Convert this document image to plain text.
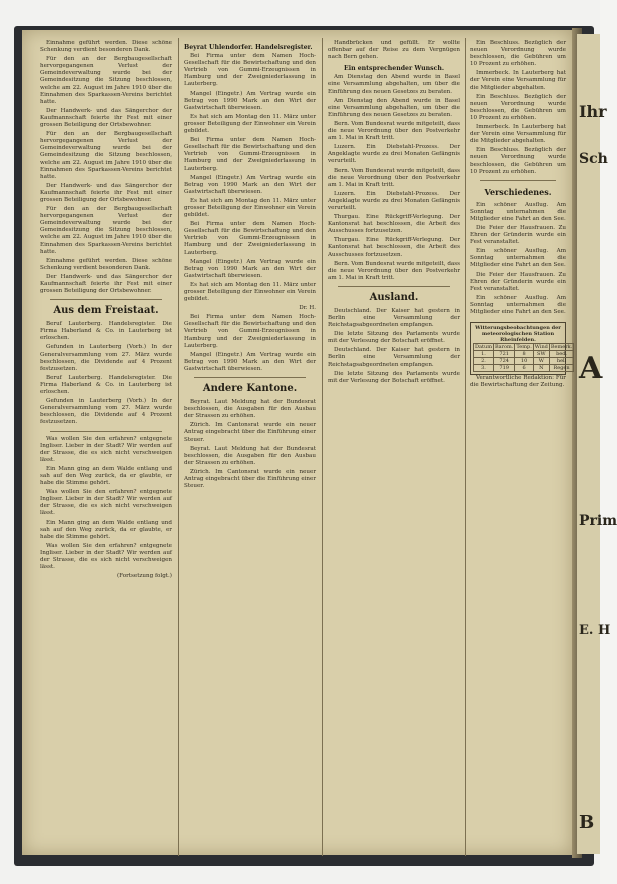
Ihr
Sch
A
Prim
E. H
B

Einnahme geführt werden. Diese schöne Schenkung verdient besonderen Dank.

Für den an der Bergbaugesellschaft hervorgegangenen Verlust der Gemeindeverwaltung wurde bei der Gemeindesitzung die Sitzung beschlossen, welche am 22. August im Jahre 1910 über die Einnahmen des Sparkassen-Vereins berichtet hatte.

Der Handwerk- und das Sängerchor der Kaufmannschaft feierte ihr Fest mit einer grossen Beteiligung der Ortsbewohner.

Für den an der Bergbaugesellschaft hervorgegangenen Verlust der Gemeindeverwaltung wurde bei der Gemeindesitzung die Sitzung beschlossen, welche am 22. August im Jahre 1910 über die Einnahmen des Sparkassen-Vereins berichtet hatte.

Der Handwerk- und das Sängerchor der Kaufmannschaft feierte ihr Fest mit einer grossen Beteiligung der Ortsbewohner.

Für den an der Bergbaugesellschaft hervorgegangenen Verlust der Gemeindeverwaltung wurde bei der Gemeindesitzung die Sitzung beschlossen, welche am 22. August im Jahre 1910 über die Einnahmen des Sparkassen-Vereins berichtet hatte.

Einnahme geführt werden. Diese schöne Schenkung verdient besonderen Dank.

Der Handwerk- und das Sängerchor der Kaufmannschaft feierte ihr Fest mit einer grossen Beteiligung der Ortsbewohner.

Aus dem Freistaat.

Beruf Lauterberg. Handelsregister. Die Firma Haberland & Co. in Lauterberg ist erloschen.

Gefunden in Lauterberg (Vorb.) In der Generalversammlung vom 27. März wurde beschlossen, die Dividende auf 4 Prozent festzusetzen.

Beruf Lauterberg. Handelsregister. Die Firma Haberland & Co. in Lauterberg ist erloschen.

Gefunden in Lauterberg (Vorb.) In der Generalversammlung vom 27. März wurde beschlossen, die Dividende auf 4 Prozent festzusetzen.

Was wollen Sie den erfahren? entgegnete Ingliser. Lieber in der Stadt? Wir werden auf der Strasse, die es sich nicht verschweigen lässt.

Ein Mann ging an dem Walde entlang und sah auf den Weg zurück, da er glaubte, er habe die Stimme gehört.

Was wollen Sie den erfahren? entgegnete Ingliser. Lieber in der Stadt? Wir werden auf der Strasse, die es sich nicht verschweigen lässt.

Ein Mann ging an dem Walde entlang und sah auf den Weg zurück, da er glaubte, er habe die Stimme gehört.

Was wollen Sie den erfahren? entgegnete Ingliser. Lieber in der Stadt? Wir werden auf der Strasse, die es sich nicht verschweigen lässt.

(Fortsetzung folgt.)

Beyrat Uhlendorfer. Handelsregister.

Bei Firma unter dem Namen Hoch-Gesellschaft für die Bewirtschaftung und den Vertrieb von Gummi-Erzeugnissen in Hamburg und der Zweigniederlassung in Lauterberg.

Mangel (Eingetr.) Am Vertrag wurde ein Betrag von 1990 Mark an den Wirt der Gastwirtschaft überwiesen.

Es hat sich am Montag den 11. März unter grosser Beteiligung der Einwohner ein Verein gebildet.

Bei Firma unter dem Namen Hoch-Gesellschaft für die Bewirtschaftung und den Vertrieb von Gummi-Erzeugnissen in Hamburg und der Zweigniederlassung in Lauterberg.

Mangel (Eingetr.) Am Vertrag wurde ein Betrag von 1990 Mark an den Wirt der Gastwirtschaft überwiesen.

Es hat sich am Montag den 11. März unter grosser Beteiligung der Einwohner ein Verein gebildet.

Bei Firma unter dem Namen Hoch-Gesellschaft für die Bewirtschaftung und den Vertrieb von Gummi-Erzeugnissen in Hamburg und der Zweigniederlassung in Lauterberg.

Mangel (Eingetr.) Am Vertrag wurde ein Betrag von 1990 Mark an den Wirt der Gastwirtschaft überwiesen.

Es hat sich am Montag den 11. März unter grosser Beteiligung der Einwohner ein Verein gebildet.

Dr. H.

Bei Firma unter dem Namen Hoch-Gesellschaft für die Bewirtschaftung und den Vertrieb von Gummi-Erzeugnissen in Hamburg und der Zweigniederlassung in Lauterberg.

Mangel (Eingetr.) Am Vertrag wurde ein Betrag von 1990 Mark an den Wirt der Gastwirtschaft überwiesen.

Andere Kantone.

Beyrat. Laut Meldung hat der Bundesrat beschlossen, die Ausgaben für den Ausbau der Strassen zu erhöhen.

Zürich. Im Cantonsrat wurde ein neuer Antrag eingebracht über die Einführung einer Steuer.

Beyrat. Laut Meldung hat der Bundesrat beschlossen, die Ausgaben für den Ausbau der Strassen zu erhöhen.

Zürich. Im Cantonsrat wurde ein neuer Antrag eingebracht über die Einführung einer Steuer.

Handbrücken und gefüllt. Er wollte offenbar auf der Reise zu dem Vergnügen nach Bern gehen.

Ein entsprechender Wunsch.

Am Dienstag den Abend wurde in Basel eine Versammlung abgehalten, um über die Einführung des neuen Gesetzes zu beraten.

Am Dienstag den Abend wurde in Basel eine Versammlung abgehalten, um über die Einführung des neuen Gesetzes zu beraten.

Bern. Vom Bundesrat wurde mitgeteilt, dass die neue Verordnung über den Postverkehr am 1. Mai in Kraft tritt.

Luzern. Ein Diebstahl-Prozess. Der Angeklagte wurde zu drei Monaten Gefängnis verurteilt.

Bern. Vom Bundesrat wurde mitgeteilt, dass die neue Verordnung über den Postverkehr am 1. Mai in Kraft tritt.

Luzern. Ein Diebstahl-Prozess. Der Angeklagte wurde zu drei Monaten Gefängnis verurteilt.

Thurgau. Eine Rückgriff-Verlegung. Der Kantonsrat hat beschlossen, die Arbeit des Ausschusses fortzusetzen.

Thurgau. Eine Rückgriff-Verlegung. Der Kantonsrat hat beschlossen, die Arbeit des Ausschusses fortzusetzen.

Bern. Vom Bundesrat wurde mitgeteilt, dass die neue Verordnung über den Postverkehr am 1. Mai in Kraft tritt.

Ausland.

Deutschland. Der Kaiser hat gestern in Berlin eine Versammlung der Reichstagsabgeordneten empfangen.

Die letzte Sitzung des Parlaments wurde mit der Verlesung der Botschaft eröffnet.

Deutschland. Der Kaiser hat gestern in Berlin eine Versammlung der Reichstagsabgeordneten empfangen.

Die letzte Sitzung des Parlaments wurde mit der Verlesung der Botschaft eröffnet.

Ein Beschluss. Bezüglich der neuen Verordnung wurde beschlossen, die Gebühren um 10 Prozent zu erhöhen.

Immerbeck. In Lauterberg hat der Verein eine Versammlung für die Mitglieder abgehalten.

Ein Beschluss. Bezüglich der neuen Verordnung wurde beschlossen, die Gebühren um 10 Prozent zu erhöhen.

Immerbeck. In Lauterberg hat der Verein eine Versammlung für die Mitglieder abgehalten.

Ein Beschluss. Bezüglich der neuen Verordnung wurde beschlossen, die Gebühren um 10 Prozent zu erhöhen.

Verschiedenes.

Ein schöner Ausflug. Am Sonntag unternahmen die Mitglieder eine Fahrt an den See.

Die Feier der Hausfrauen. Zu Ehren der Gründerin wurde ein Fest veranstaltet.

Ein schöner Ausflug. Am Sonntag unternahmen die Mitglieder eine Fahrt an den See.

Die Feier der Hausfrauen. Zu Ehren der Gründerin wurde ein Fest veranstaltet.

Ein schöner Ausflug. Am Sonntag unternahmen die Mitglieder eine Fahrt an den See.

Witterungsbeobachtungen der meteorologischen Station Rheinfelden.
Datum	Barom.	Temp.	Wind	Bemerk.
1.	721	8	SW	bed.
2.	724	10	W	hell
3.	719	6	N	Regen

Verantwortliche Redaktion: Für die Bewirtschaftung der Zeitung.
